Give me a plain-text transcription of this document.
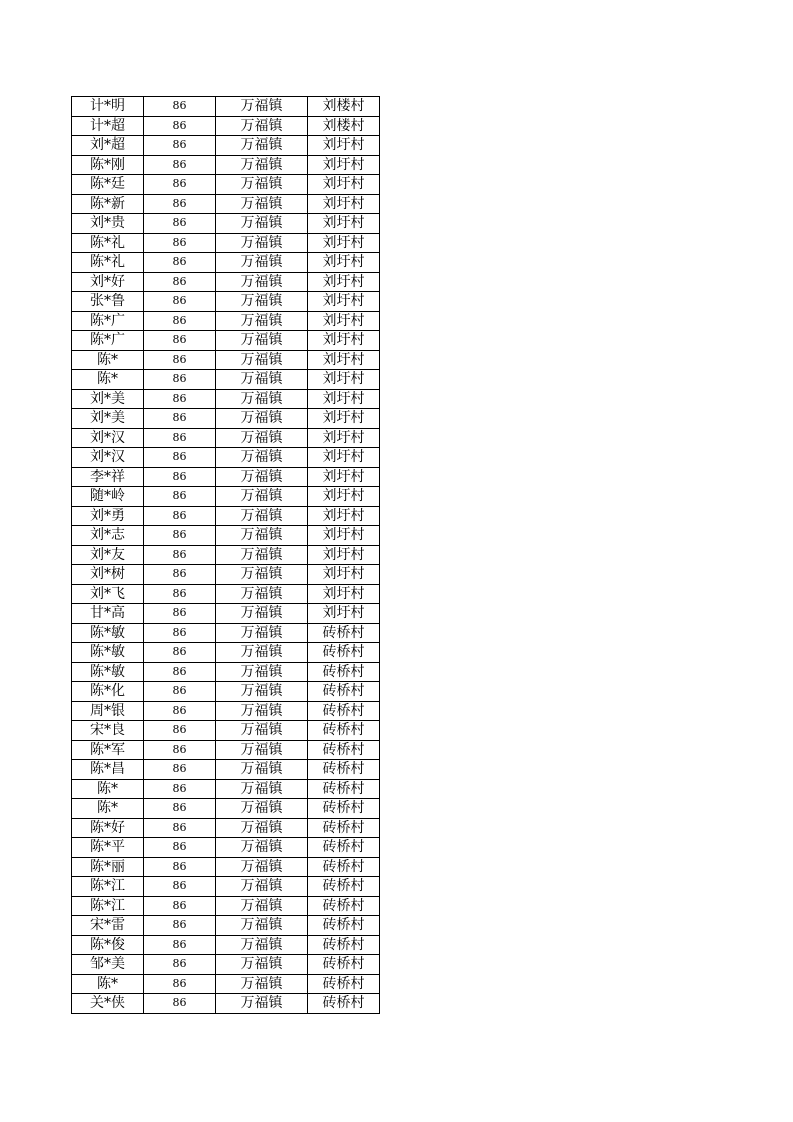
计*明	86	万福镇	刘楼村
计*超	86	万福镇	刘楼村
刘*超	86	万福镇	刘圩村
陈*刚	86	万福镇	刘圩村
陈*廷	86	万福镇	刘圩村
陈*新	86	万福镇	刘圩村
刘*贵	86	万福镇	刘圩村
陈*礼	86	万福镇	刘圩村
陈*礼	86	万福镇	刘圩村
刘*好	86	万福镇	刘圩村
张*鲁	86	万福镇	刘圩村
陈*广	86	万福镇	刘圩村
陈*广	86	万福镇	刘圩村
陈*	86	万福镇	刘圩村
陈*	86	万福镇	刘圩村
刘*美	86	万福镇	刘圩村
刘*美	86	万福镇	刘圩村
刘*汉	86	万福镇	刘圩村
刘*汉	86	万福镇	刘圩村
李*祥	86	万福镇	刘圩村
随*岭	86	万福镇	刘圩村
刘*勇	86	万福镇	刘圩村
刘*志	86	万福镇	刘圩村
刘*友	86	万福镇	刘圩村
刘*树	86	万福镇	刘圩村
刘*飞	86	万福镇	刘圩村
甘*高	86	万福镇	刘圩村
陈*敏	86	万福镇	砖桥村
陈*敏	86	万福镇	砖桥村
陈*敏	86	万福镇	砖桥村
陈*化	86	万福镇	砖桥村
周*银	86	万福镇	砖桥村
宋*良	86	万福镇	砖桥村
陈*军	86	万福镇	砖桥村
陈*昌	86	万福镇	砖桥村
陈*	86	万福镇	砖桥村
陈*	86	万福镇	砖桥村
陈*好	86	万福镇	砖桥村
陈*平	86	万福镇	砖桥村
陈*丽	86	万福镇	砖桥村
陈*江	86	万福镇	砖桥村
陈*江	86	万福镇	砖桥村
宋*雷	86	万福镇	砖桥村
陈*俊	86	万福镇	砖桥村
邹*美	86	万福镇	砖桥村
陈*	86	万福镇	砖桥村
关*侠	86	万福镇	砖桥村
